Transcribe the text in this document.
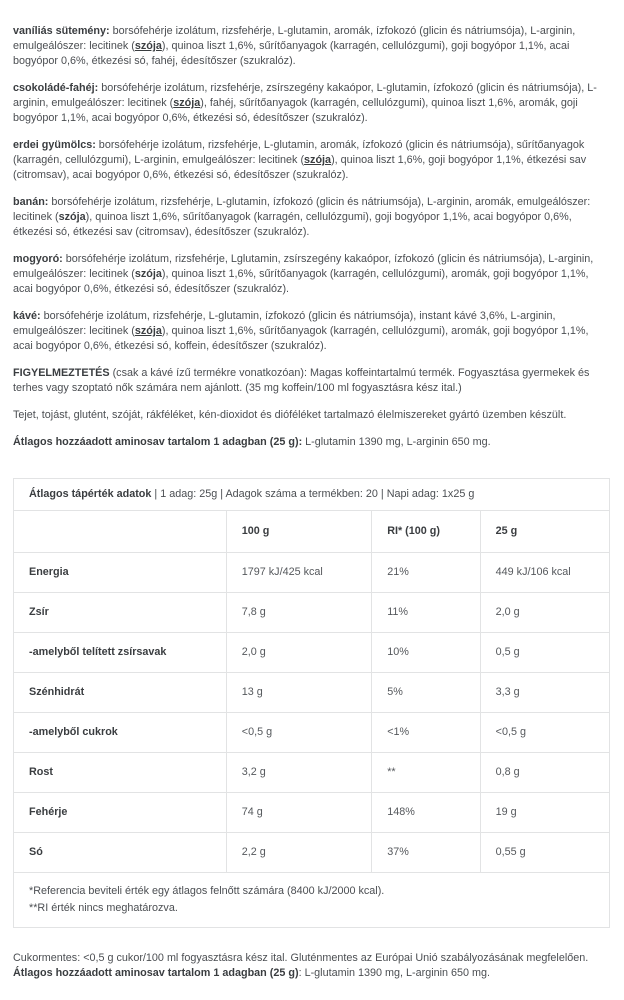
vaníliás sütemény: borsófehérje izolátum, rizsfehérje, L-glutamin, aromák, ízfokozó (glicin és nátriumsója), L-arginin, emulgeálószer: lecitinek (szója), quinoa liszt 1,6%, sűrítőanyagok (karragén, cellulózgumi), goji bogyópor 1,1%, acai bogyópor 0,6%, étkezési só, fahéj, édesítőszer (szukralóz).

csokoládé-fahéj: borsófehérje izolátum, rizsfehérje, zsírszegény kakaópor, L-glutamin, ízfokozó (glicin és nátriumsója), L-arginin, emulgeálószer: lecitinek (szója), fahéj, sűrítőanyagok (karragén, cellulózgumi), quinoa liszt 1,6%, aromák, goji bogyópor 1,1%, acai bogyópor 0,6%, étkezési só, édesítőszer (szukralóz).

erdei gyümölcs: borsófehérje izolátum, rizsfehérje, L-glutamin, aromák, ízfokozó (glicin és nátriumsója), sűrítőanyagok (karragén, cellulózgumi), L-arginin, emulgeálószer: lecitinek (szója), quinoa liszt 1,6%, goji bogyópor 1,1%, étkezési sav (citromsav), acai bogyópor 0,6%, étkezési só, édesítőszer (szukralóz).

banán: borsófehérje izolátum, rizsfehérje, L-glutamin, ízfokozó (glicin és nátriumsója), L-arginin, aromák, emulgeálószer: lecitinek (szója), quinoa liszt 1,6%, sűrítőanyagok (karragén, cellulózgumi), goji bogyópor 1,1%, acai bogyópor 0,6%, étkezési só, étkezési sav (citromsav), édesítőszer (szukralóz).

mogyoró: borsófehérje izolátum, rizsfehérje, Lglutamin, zsírszegény kakaópor, ízfokozó (glicin és nátriumsója), L-arginin, emulgeálószer: lecitinek (szója), quinoa liszt 1,6%, sűrítőanyagok (karragén, cellulózgumi), aromák, goji bogyópor 1,1%, acai bogyópor 0,6%, étkezési só, édesítőszer (szukralóz).

kávé: borsófehérje izolátum, rizsfehérje, L-glutamin, ízfokozó (glicin és nátriumsója), instant kávé 3,6%, L-arginin, emulgeálószer: lecitinek (szója), quinoa liszt 1,6%, sűrítőanyagok (karragén, cellulózgumi), aromák, goji bogyópor 1,1%, acai bogyópor 0,6%, étkezési só, koffein, édesítőszer (szukralóz).

FIGYELMEZTETÉS (csak a kávé ízű termékre vonatkozóan): Magas koffeintartalmú termék. Fogyasztása gyermekek és terhes vagy szoptató nők számára nem ajánlott. (35 mg koffein/100 ml fogyasztásra kész ital.)

Tejet, tojást, glutént, szóját, rákféléket, kén-dioxidot és dióféléket tartalmazó élelmiszereket gyártó üzemben készült.

Átlagos hozzáadott aminosav tartalom 1 adagban (25 g): L-glutamin 1390 mg, L-arginin 650 mg.

Átlagos tápérték adatok | 1 adag: 25g | Adagok száma a termékben: 20 | Napi adag: 1x25 g			
	100 g	RI* (100 g)	25 g
Energia	1797 kJ/425 kcal	21%	449 kJ/106 kcal
Zsír	7,8 g	11%	2,0 g
-amelyből telített zsírsavak	2,0 g	10%	0,5 g
Szénhidrát	13 g	5%	3,3 g
-amelyből cukrok	<0,5 g	<1%	<0,5 g
Rost	3,2 g	**	0,8 g
Fehérje	74 g	148%	19 g
Só	2,2 g	37%	0,55 g

*Referencia beviteli érték egy átlagos felnőtt számára (8400 kJ/2000 kcal).
**RI érték nincs meghatározva.			

Cukormentes: <0,5 g cukor/100 ml fogyasztásra kész ital. Gluténmentes az Európai Unió szabályozásának megfelelően. Átlagos hozzáadott aminosav tartalom 1 adagban (25 g): L-glutamin 1390 mg, L-arginin 650 mg.
